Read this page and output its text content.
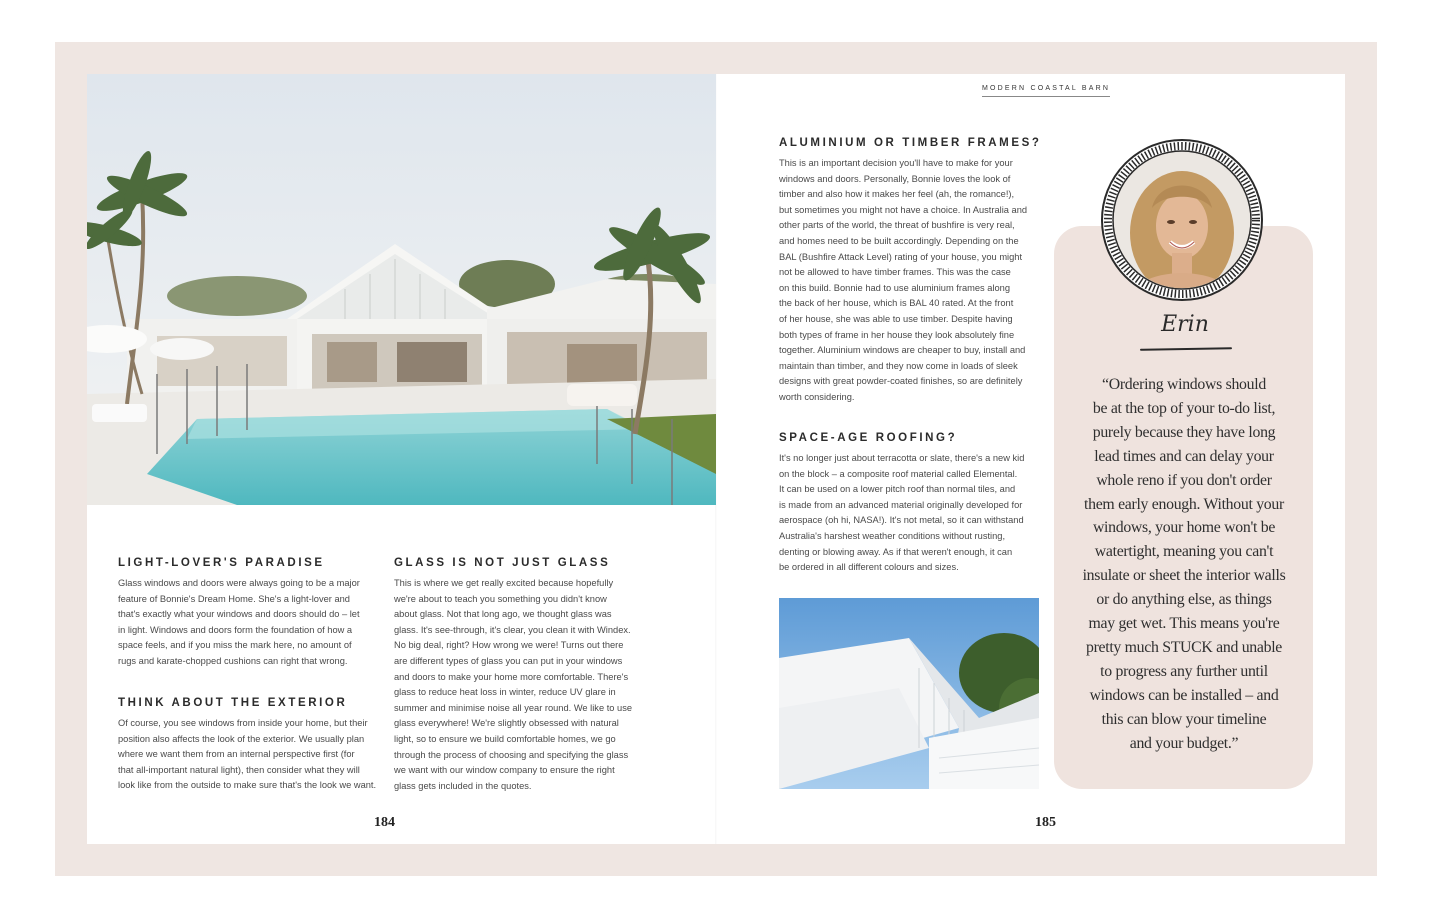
LIGHT-LOVER'S PARADISE
Glass windows and doors were always going to be a major
feature of Bonnie's Dream Home. She's a light-lover and
that's exactly what your windows and doors should do – let
in light. Windows and doors form the foundation of how a
space feels, and if you miss the mark here, no amount of
rugs and karate-chopped cushions can right that wrong.
THINK ABOUT THE EXTERIOR
Of course, you see windows from inside your home, but their
position also affects the look of the exterior. We usually plan
where we want them from an internal perspective first (for
that all-important natural light), then consider what they will
look like from the outside to make sure that's the look we want.
GLASS IS NOT JUST GLASS
This is where we get really excited because hopefully
we're about to teach you something you didn't know
about glass. Not that long ago, we thought glass was
glass. It's see-through, it's clear, you clean it with Windex.
No big deal, right? How wrong we were! Turns out there
are different types of glass you can put in your windows
and doors to make your home more comfortable. There's
glass to reduce heat loss in winter, reduce UV glare in
summer and minimise noise all year round. We like to use
glass everywhere! We're slightly obsessed with natural
light, so to ensure we build comfortable homes, we go
through the process of choosing and specifying the glass
we want with our window company to ensure the right
glass gets included in the quotes.
184
MODERN COASTAL BARN
ALUMINIUM OR TIMBER FRAMES?
This is an important decision you'll have to make for your
windows and doors. Personally, Bonnie loves the look of
timber and also how it makes her feel (ah, the romance!),
but sometimes you might not have a choice. In Australia and
other parts of the world, the threat of bushfire is very real,
and homes need to be built accordingly. Depending on the
BAL (Bushfire Attack Level) rating of your house, you might
not be allowed to have timber frames. This was the case
on this build. Bonnie had to use aluminium frames along
the back of her house, which is BAL 40 rated. At the front
of her house, she was able to use timber. Despite having
both types of frame in her house they look absolutely fine
together. Aluminium windows are cheaper to buy, install and
maintain than timber, and they now come in loads of sleek
designs with great powder-coated finishes, so are definitely
worth considering.
SPACE-AGE ROOFING?
It's no longer just about terracotta or slate, there's a new kid
on the block – a composite roof material called Elemental.
It can be used on a lower pitch roof than normal tiles, and
is made from an advanced material originally developed for
aerospace (oh hi, NASA!). It's not metal, so it can withstand
Australia's harshest weather conditions without rusting,
denting or blowing away. As if that weren't enough, it can
be ordered in all different colours and sizes.
Erin
“Ordering windows should
be at the top of your to-do list,
purely because they have long
lead times and can delay your
whole reno if you don't order
them early enough. Without your
windows, your home won't be
watertight, meaning you can't
insulate or sheet the interior walls
or do anything else, as things
may get wet. This means you're
pretty much STUCK and unable
to progress any further until
windows can be installed – and
this can blow your timeline
and your budget.”
185
